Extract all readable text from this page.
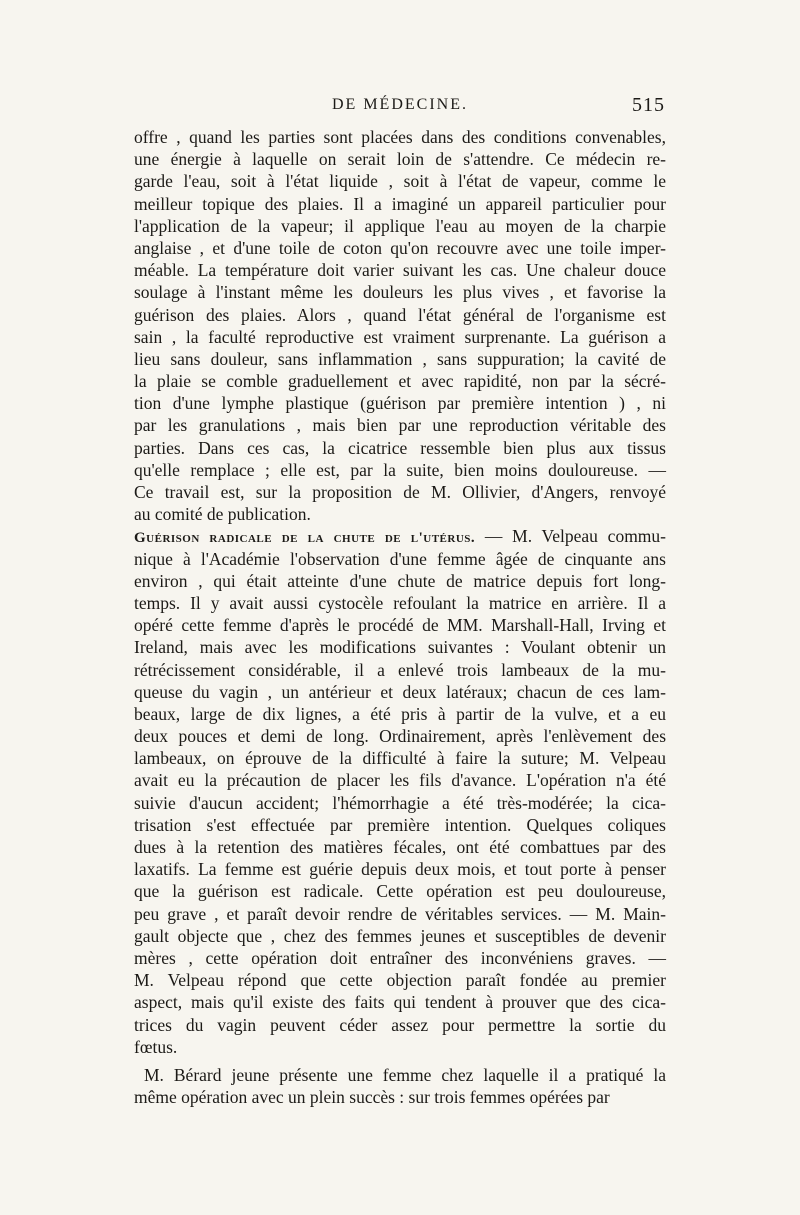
DE MÉDECINE.	515
offre , quand les parties sont placées dans des conditions convenables,
une énergie à laquelle on serait loin de s'attendre. Ce médecin re-
garde l'eau, soit à l'état liquide , soit à l'état de vapeur, comme le
meilleur topique des plaies. Il a imaginé un appareil particulier pour
l'application de la vapeur; il applique l'eau au moyen de la charpie
anglaise , et d'une toile de coton qu'on recouvre avec une toile imper-
méable. La température doit varier suivant les cas. Une chaleur douce
soulage à l'instant même les douleurs les plus vives , et favorise la
guérison des plaies. Alors , quand l'état général de l'organisme est
sain , la faculté reproductive est vraiment surprenante. La guérison a
lieu sans douleur, sans inflammation , sans suppuration; la cavité de
la plaie se comble graduellement et avec rapidité, non par la sécré-
tion d'une lymphe plastique (guérison par première intention ) , ni
par les granulations , mais bien par une reproduction véritable des
parties. Dans ces cas, la cicatrice ressemble bien plus aux tissus
qu'elle remplace ; elle est, par la suite, bien moins douloureuse. —
Ce travail est, sur la proposition de M. Ollivier, d'Angers, renvoyé
au comité de publication.
Guérison radicale de la chute de l'utérus. — M. Velpeau commu-
nique à l'Académie l'observation d'une femme âgée de cinquante ans
environ , qui était atteinte d'une chute de matrice depuis fort long-
temps. Il y avait aussi cystocèle refoulant la matrice en arrière. Il a
opéré cette femme d'après le procédé de MM. Marshall-Hall, Irving et
Ireland, mais avec les modifications suivantes : Voulant obtenir un
rétrécissement considérable, il a enlevé trois lambeaux de la mu-
queuse du vagin , un antérieur et deux latéraux; chacun de ces lam-
beaux, large de dix lignes, a été pris à partir de la vulve, et a eu
deux pouces et demi de long. Ordinairement, après l'enlèvement des
lambeaux, on éprouve de la difficulté à faire la suture; M. Velpeau
avait eu la précaution de placer les fils d'avance. L'opération n'a été
suivie d'aucun accident; l'hémorrhagie a été très-modérée; la cica-
trisation s'est effectuée par première intention. Quelques coliques
dues à la retention des matières fécales, ont été combattues par des
laxatifs. La femme est guérie depuis deux mois, et tout porte à penser
que la guérison est radicale. Cette opération est peu douloureuse,
peu grave , et paraît devoir rendre de véritables services. — M. Main-
gault objecte que , chez des femmes jeunes et susceptibles de devenir
mères , cette opération doit entraîner des inconvéniens graves. —
M. Velpeau répond que cette objection paraît fondée au premier
aspect, mais qu'il existe des faits qui tendent à prouver que des cica-
trices du vagin peuvent céder assez pour permettre la sortie du
fœtus.
M. Bérard jeune présente une femme chez laquelle il a pratiqué la
même opération avec un plein succès : sur trois femmes opérées par
